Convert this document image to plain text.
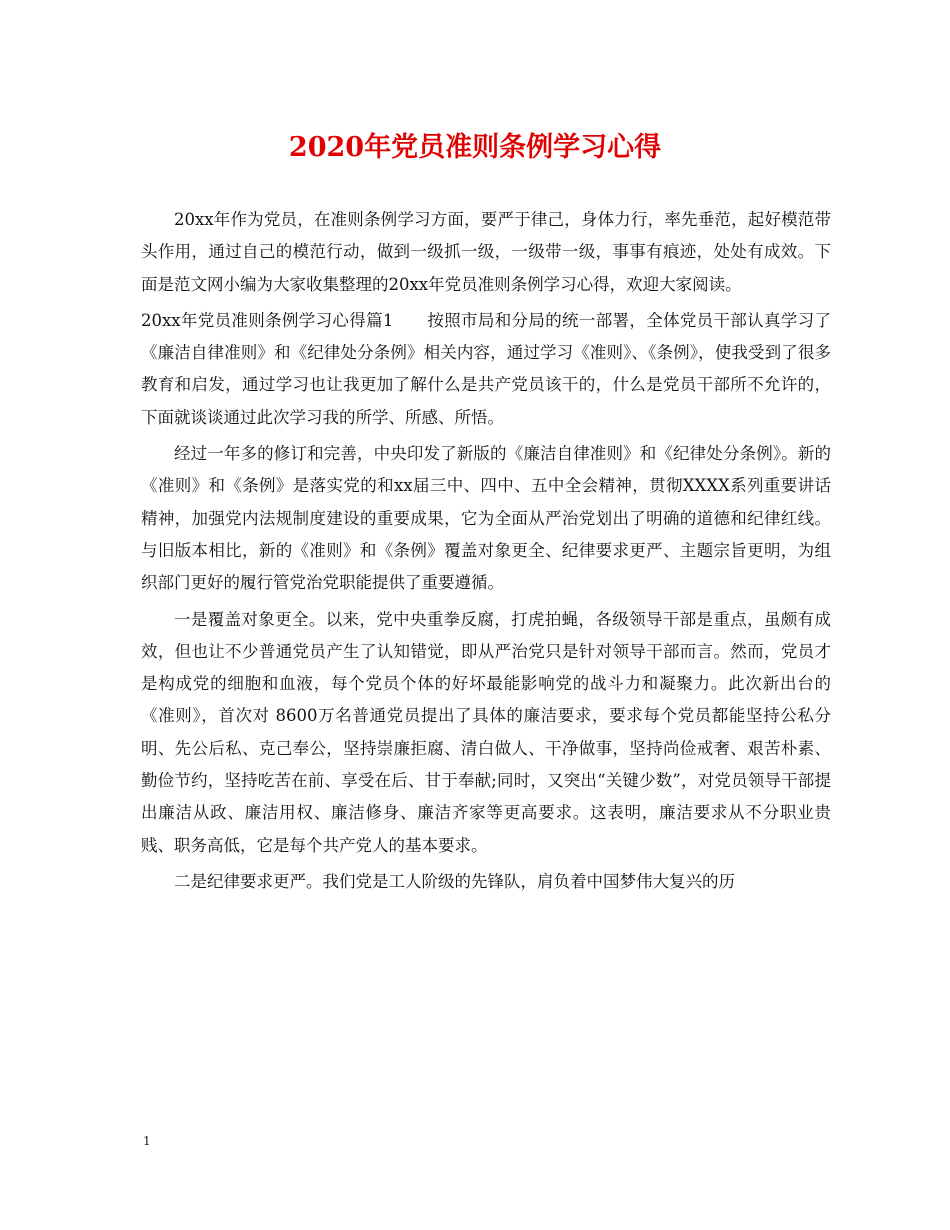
2020年党员准则条例学习心得

20xx年作为党员，在准则条例学习方面，要严于律己，身体力行，率先垂范，起好模范带头作用，通过自己的模范行动，做到一级抓一级，一级带一级，事事有痕迹，处处有成效。下面是范文网小编为大家收集整理的20xx年党员准则条例学习心得，欢迎大家阅读。

20xx年党员准则条例学习心得篇1　　按照市局和分局的统一部署，全体党员干部认真学习了《廉洁自律准则》和《纪律处分条例》相关内容，通过学习《准则》、《条例》，使我受到了很多教育和启发，通过学习也让我更加了解什么是共产党员该干的，什么是党员干部所不允许的，下面就谈谈通过此次学习我的所学、所感、所悟。

经过一年多的修订和完善，中央印发了新版的《廉洁自律准则》和《纪律处分条例》。新的《准则》和《条例》是落实党的和xx届三中、四中、五中全会精神，贯彻XXXX系列重要讲话精神，加强党内法规制度建设的重要成果，它为全面从严治党划出了明确的道德和纪律红线。与旧版本相比，新的《准则》和《条例》覆盖对象更全、纪律要求更严、主题宗旨更明，为组织部门更好的履行管党治党职能提供了重要遵循。

一是覆盖对象更全。以来，党中央重拳反腐，打虎拍蝇，各级领导干部是重点，虽颇有成效，但也让不少普通党员产生了认知错觉，即从严治党只是针对领导干部而言。然而，党员才是构成党的细胞和血液，每个党员个体的好坏最能影响党的战斗力和凝聚力。此次新出台的《准则》，首次对 8600万名普通党员提出了具体的廉洁要求，要求每个党员都能坚持公私分明、先公后私、克己奉公，坚持崇廉拒腐、清白做人、干净做事，坚持尚俭戒奢、艰苦朴素、勤俭节约，坚持吃苦在前、享受在后、甘于奉献;同时，又突出“关键少数”，对党员领导干部提出廉洁从政、廉洁用权、廉洁修身、廉洁齐家等更高要求。这表明，廉洁要求从不分职业贵贱、职务高低，它是每个共产党人的基本要求。

二是纪律要求更严。我们党是工人阶级的先锋队，肩负着中国梦伟大复兴的历

1
